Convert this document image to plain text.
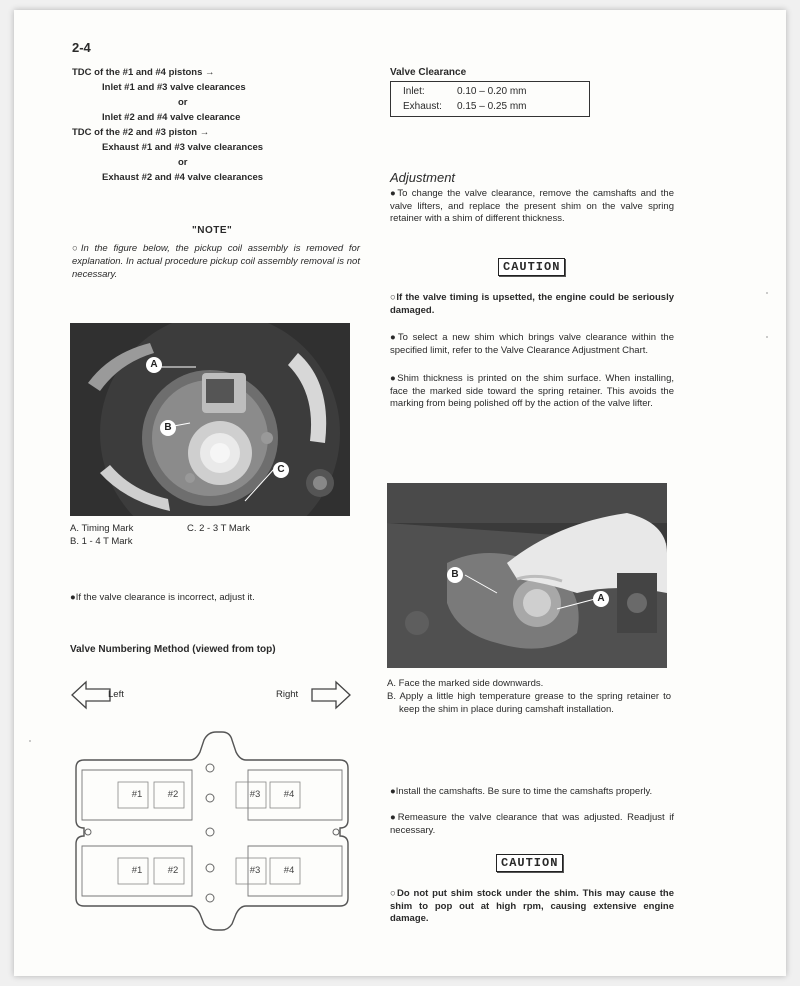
2-4
TDC of the #1 and #4 pistons →
Inlet #1 and #3 valve clearances
or
Inlet #2 and #4 valve clearance
TDC of the #2 and #3 piston →
Exhaust #1 and #3 valve clearances
or
Exhaust #2 and #4 valve clearances
"NOTE"
○In the figure below, the pickup coil assembly is removed for explanation. In actual procedure pickup coil assembly removal is not necessary.
A
B
C
A. Timing Mark	C. 2 - 3 T Mark
B. 1 - 4 T Mark
●If the valve clearance is incorrect, adjust it.
Valve Numbering Method (viewed from top)
Left	Right
#1	#2	#3	#4
#1	#2	#3	#4
Valve Clearance
Inlet:	0.10 – 0.20 mm
Exhaust:	0.15 – 0.25 mm
Adjustment
●To change the valve clearance, remove the camshafts and the valve lifters, and replace the present shim on the valve spring retainer with a shim of different thickness.
CAUTION
○If the valve timing is upsetted, the engine could be seriously damaged.
●To select a new shim which brings valve clearance within the specified limit, refer to the Valve Clearance Adjustment Chart.
●Shim thickness is printed on the shim surface. When installing, face the marked side toward the spring retainer. This avoids the marking from being polished off by the action of the valve lifter.
B
A
A. Face the marked side downwards.
B. Apply a little high temperature grease to the spring retainer to keep the shim in place during camshaft installation.
●Install the camshafts. Be sure to time the camshafts properly.
●Remeasure the valve clearance that was adjusted. Readjust if necessary.
CAUTION
○Do not put shim stock under the shim. This may cause the shim to pop out at high rpm, causing extensive engine damage.
